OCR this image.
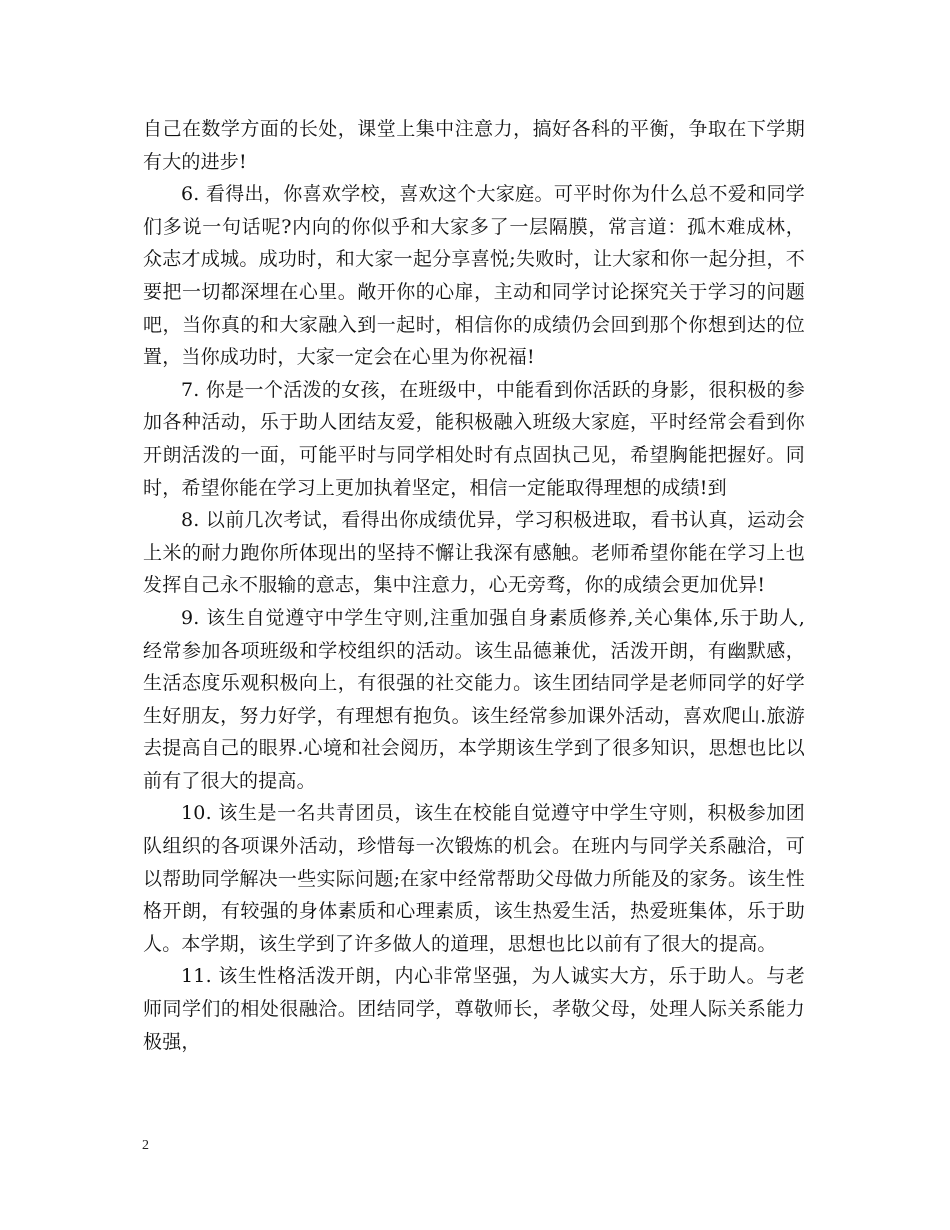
自己在数学方面的长处，课堂上集中注意力，搞好各科的平衡，争取在下学期有大的进步!

6. 看得出，你喜欢学校，喜欢这个大家庭。可平时你为什么总不爱和同学们多说一句话呢?内向的你似乎和大家多了一层隔膜，常言道：孤木难成林，众志才成城。成功时，和大家一起分享喜悦;失败时，让大家和你一起分担，不要把一切都深埋在心里。敞开你的心扉，主动和同学讨论探究关于学习的问题吧，当你真的和大家融入到一起时，相信你的成绩仍会回到那个你想到达的位置，当你成功时，大家一定会在心里为你祝福!

7. 你是一个活泼的女孩，在班级中，中能看到你活跃的身影，很积极的参加各种活动，乐于助人团结友爱，能积极融入班级大家庭，平时经常会看到你开朗活泼的一面，可能平时与同学相处时有点固执己见，希望胸能把握好。同时，希望你能在学习上更加执着坚定，相信一定能取得理想的成绩!到

8. 以前几次考试，看得出你成绩优异，学习积极进取，看书认真，运动会上米的耐力跑你所体现出的坚持不懈让我深有感触。老师希望你能在学习上也发挥自己永不服输的意志，集中注意力，心无旁骛，你的成绩会更加优异!

9. 该生自觉遵守中学生守则,注重加强自身素质修养,关心集体,乐于助人,经常参加各项班级和学校组织的活动。该生品德兼优，活泼开朗，有幽默感，生活态度乐观积极向上，有很强的社交能力。该生团结同学是老师同学的好学生好朋友，努力好学，有理想有抱负。该生经常参加课外活动，喜欢爬山.旅游去提高自己的眼界.心境和社会阅历，本学期该生学到了很多知识，思想也比以前有了很大的提高。

10. 该生是一名共青团员，该生在校能自觉遵守中学生守则，积极参加团队组织的各项课外活动，珍惜每一次锻炼的机会。在班内与同学关系融洽，可以帮助同学解决一些实际问题;在家中经常帮助父母做力所能及的家务。该生性格开朗，有较强的身体素质和心理素质，该生热爱生活，热爱班集体，乐于助人。本学期，该生学到了许多做人的道理，思想也比以前有了很大的提高。

11. 该生性格活泼开朗，内心非常坚强，为人诚实大方，乐于助人。与老师同学们的相处很融洽。团结同学，尊敬师长，孝敬父母，处理人际关系能力极强，

2
